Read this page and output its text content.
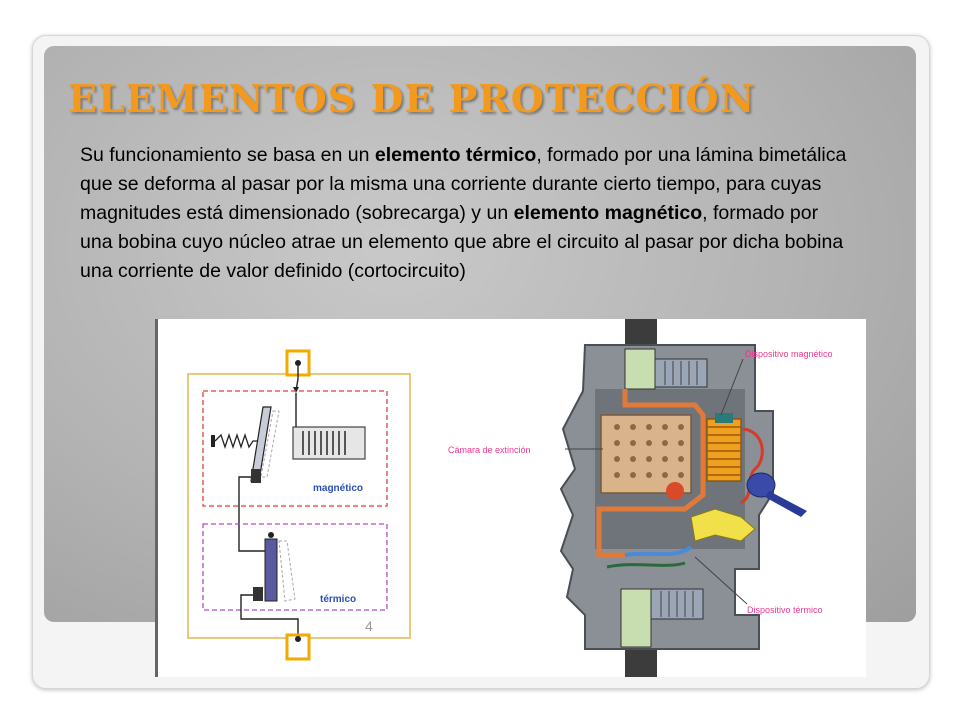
ELEMENTOS DE PROTECCIÓN

Su funcionamiento se basa en un elemento térmico, formado por una lámina bimetálica que se deforma al pasar por la misma una corriente durante cierto tiempo, para cuyas magnitudes está dimensionado (sobrecarga) y un elemento magnético, formado por una bobina cuyo núcleo atrae un elemento que abre el circuito al pasar por dicha bobina una corriente de valor definido (cortocircuito)

magnético
térmico
4
Dispositivo magnético
Cámara de extinción
Dispositivo térmico
